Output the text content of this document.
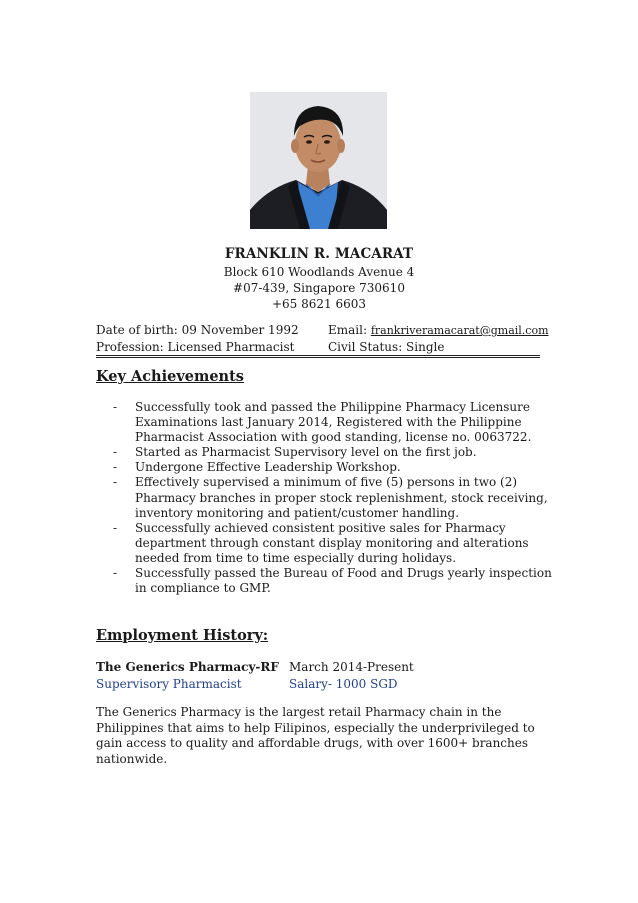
FRANKLIN R. MACARAT
Block 610 Woodlands Avenue 4
#07-439, Singapore 730610
+65 8621 6603
Date of birth: 09 November 1992 Email: frankriveramacarat@gmail.com
Profession: Licensed Pharmacist	Civil Status: Single
Key Achievements
- Successfully took and passed the Philippine Pharmacy Licensure Examinations last January 2014, Registered with the Philippine Pharmacist Association with good standing, license no. 0063722.
- Started as Pharmacist Supervisory level on the first job.
- Undergone Effective Leadership Workshop.
- Effectively supervised a minimum of five (5) persons in two (2) Pharmacy branches in proper stock replenishment, stock receiving, inventory monitoring and patient/customer handling.
- Successfully achieved consistent positive sales for Pharmacy department through constant display monitoring and alterations needed from time to time especially during holidays.
- Successfully passed the Bureau of Food and Drugs yearly inspection in compliance to GMP.
Employment History:
The Generics Pharmacy-RF March 2014-Present
Supervisory Pharmacist	Salary- 1000 SGD
The Generics Pharmacy is the largest retail Pharmacy chain in the Philippines that aims to help Filipinos, especially the underprivileged to gain access to quality and affordable drugs, with over 1600+ branches nationwide.
